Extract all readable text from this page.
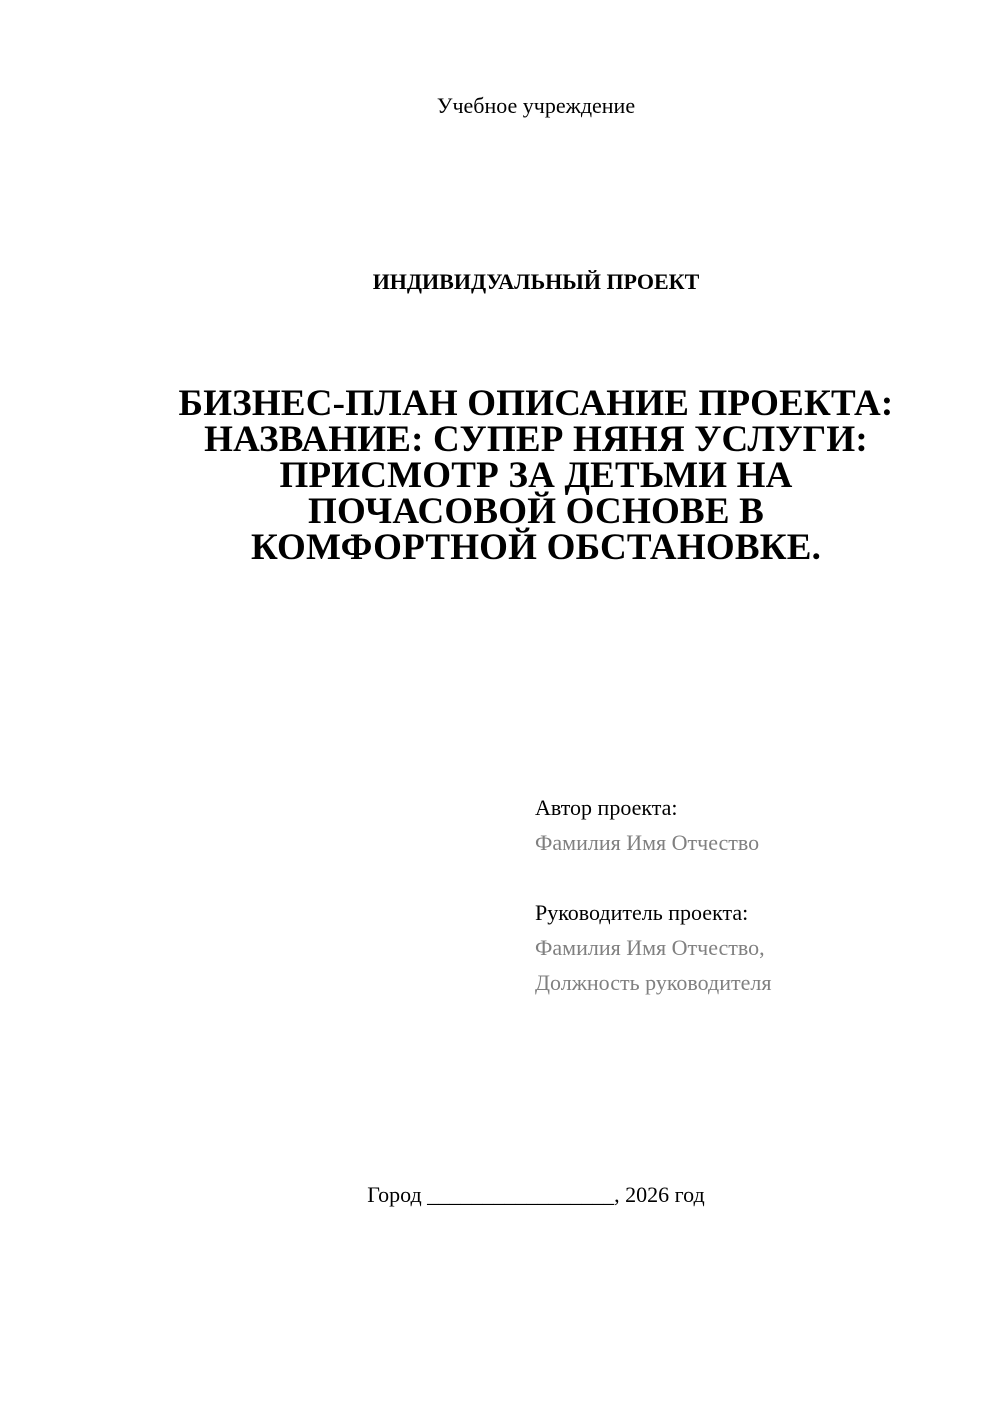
Учебное учреждение
ИНДИВИДУАЛЬНЫЙ ПРОЕКТ
БИЗНЕС-ПЛАН ОПИСАНИЕ ПРОЕКТА:
НАЗВАНИЕ: СУПЕР НЯНЯ УСЛУГИ:
ПРИСМОТР ЗА ДЕТЬМИ НА
ПОЧАСОВОЙ ОСНОВЕ В
КОМФОРТНОЙ ОБСТАНОВКЕ.
Автор проекта:
Фамилия Имя Отчество
Руководитель проекта:
Фамилия Имя Отчество,
Должность руководителя
Город _________________, 2026 год
